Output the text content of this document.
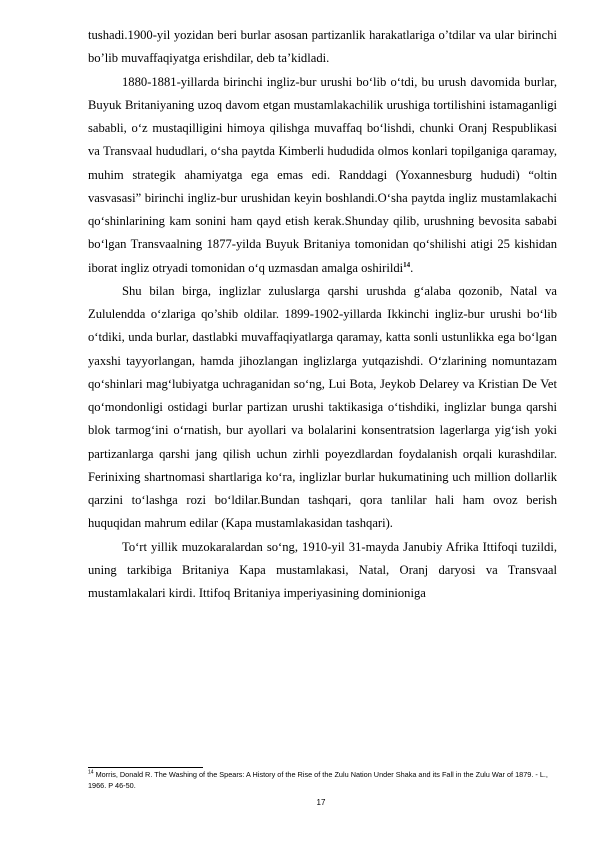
tushadi.1900-yil yozidan beri burlar asosan partizanlik harakatlariga o’tdilar va ular birinchi bo’lib muvaffaqiyatga erishdilar, deb ta’kidladi.

1880-1881-yillarda birinchi ingliz-bur urushi bo‘lib o‘tdi, bu urush davomida burlar, Buyuk Britaniyaning uzoq davom etgan mustamlakachilik urushiga tortilishini istamaganligi sababli, o‘z mustaqilligini himoya qilishga muvaffaq bo‘lishdi, chunki Oranj Respublikasi va Transvaal hududlari, o‘sha paytda Kimberli hududida olmos konlari topilganiga qaramay, muhim strategik ahamiyatga ega emas edi. Randdagi (Yoxannesburg hududi) “oltin vasvasasi” birinchi ingliz-bur urushidan keyin boshlandi.O‘sha paytda ingliz mustamlakachi qo‘shinlarining kam sonini ham qayd etish kerak.Shunday qilib, urushning bevosita sababi bo‘lgan Transvaalning 1877-yilda Buyuk Britaniya tomonidan qo‘shilishi atigi 25 kishidan iborat ingliz otryadi tomonidan o‘q uzmasdan amalga oshirildi$^{14}$.

Shu bilan birga, inglizlar zuluslarga qarshi urushda g‘alaba qozonib, Natal va Zululendda o‘zlariga qo’shib oldilar. 1899-1902-yillarda Ikkinchi ingliz-bur urushi bo‘lib o‘tdiki, unda burlar, dastlabki muvaffaqiyatlarga qaramay, katta sonli ustunlikka ega bo‘lgan yaxshi tayyorlangan, hamda jihozlangan inglizlarga yutqazishdi. O‘zlarining nomuntazam qo‘shinlari mag‘lubiyatga uchraganidan so‘ng, Lui Bota, Jeykob Delarey va Kristian De Vet qo‘mondonligi ostidagi burlar partizan urushi taktikasiga o‘tishdiki, inglizlar bunga qarshi blok tarmog‘ini o‘rnatish, bur ayollari va bolalarini konsentratsion lagerlarga yig‘ish yoki partizanlarga qarshi jang qilish uchun zirhli poyezdlardan foydalanish orqali kurashdilar. Ferinixing shartnomasi shartlariga ko‘ra, inglizlar burlar hukumatining uch million dollarlik qarzini to‘lashga rozi bo‘ldilar.Bundan tashqari, qora tanlilar hali ham ovoz berish huquqidan mahrum edilar (Kapa mustamlakasidan tashqari).

To‘rt yillik muzokaralardan so‘ng, 1910-yil 31-mayda Janubiy Afrika Ittifoqi tuzildi, uning tarkibiga Britaniya Kapa mustamlakasi, Natal, Oranj daryosi va Transvaal mustamlakalari kirdi. Ittifoq Britaniya imperiyasining dominioniga

$^{14}$ Morris, Donald R. The Washing of the Spears: A History of the Rise of the Zulu Nation Under Shaka and its Fall in the Zulu War of 1879. - L., 1966. P 46-50.
17
